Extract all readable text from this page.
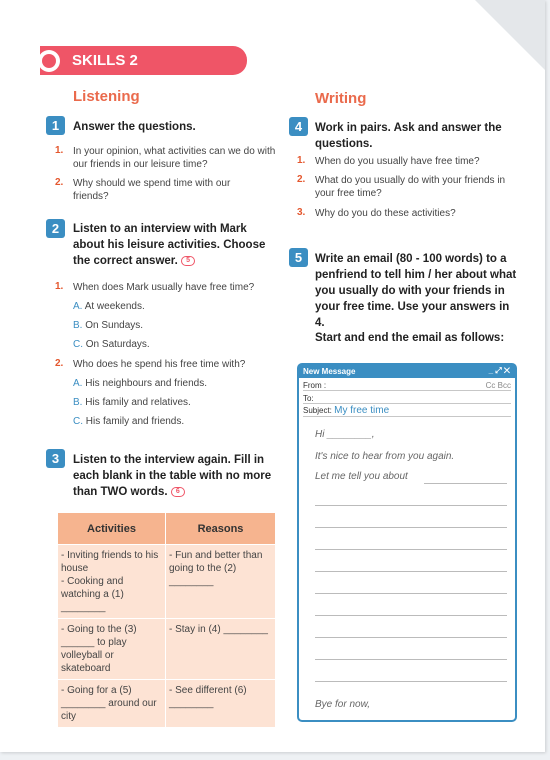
SKILLS 2
Listening
1	Answer the questions.
1. In your opinion, what activities can we do with our friends in our leisure time?
2. Why should we spend time with our friends?
2	Listen to an interview with Mark about his leisure activities. Choose the correct answer. 5
1. When does Mark usually have free time?
A. At weekends.
B. On Sundays.
C. On Saturdays.
2. Who does he spend his free time with?
A. His neighbours and friends.
B. His family and relatives.
C. His family and friends.
3	Listen to the interview again. Fill in each blank in the table with no more than TWO words. 6
Activities	Reasons
- Inviting friends to his house
- Cooking and watching a (1) ________	- Fun and better than going to the (2) ________
- Going to the (3) ______ to play volleyball or skateboard	- Stay in (4) ________
- Going for a (5) ________ around our city	- See different (6) ________
Writing
4	Work in pairs. Ask and answer the questions.
1. When do you usually have free time?
2. What do you usually do with your friends in your free time?
3. Why do you do these activities?
5	Write an email (80 - 100 words) to a penfriend to tell him / her about what you usually do with your friends in your free time. Use your answers in 4.
Start and end the email as follows:
New Message	_ ⤢ ✕
From :	Cc Bcc
To:
Subject: My free time
Hi ________,
It's nice to hear from you again.
Let me tell you about
Bye for now,
